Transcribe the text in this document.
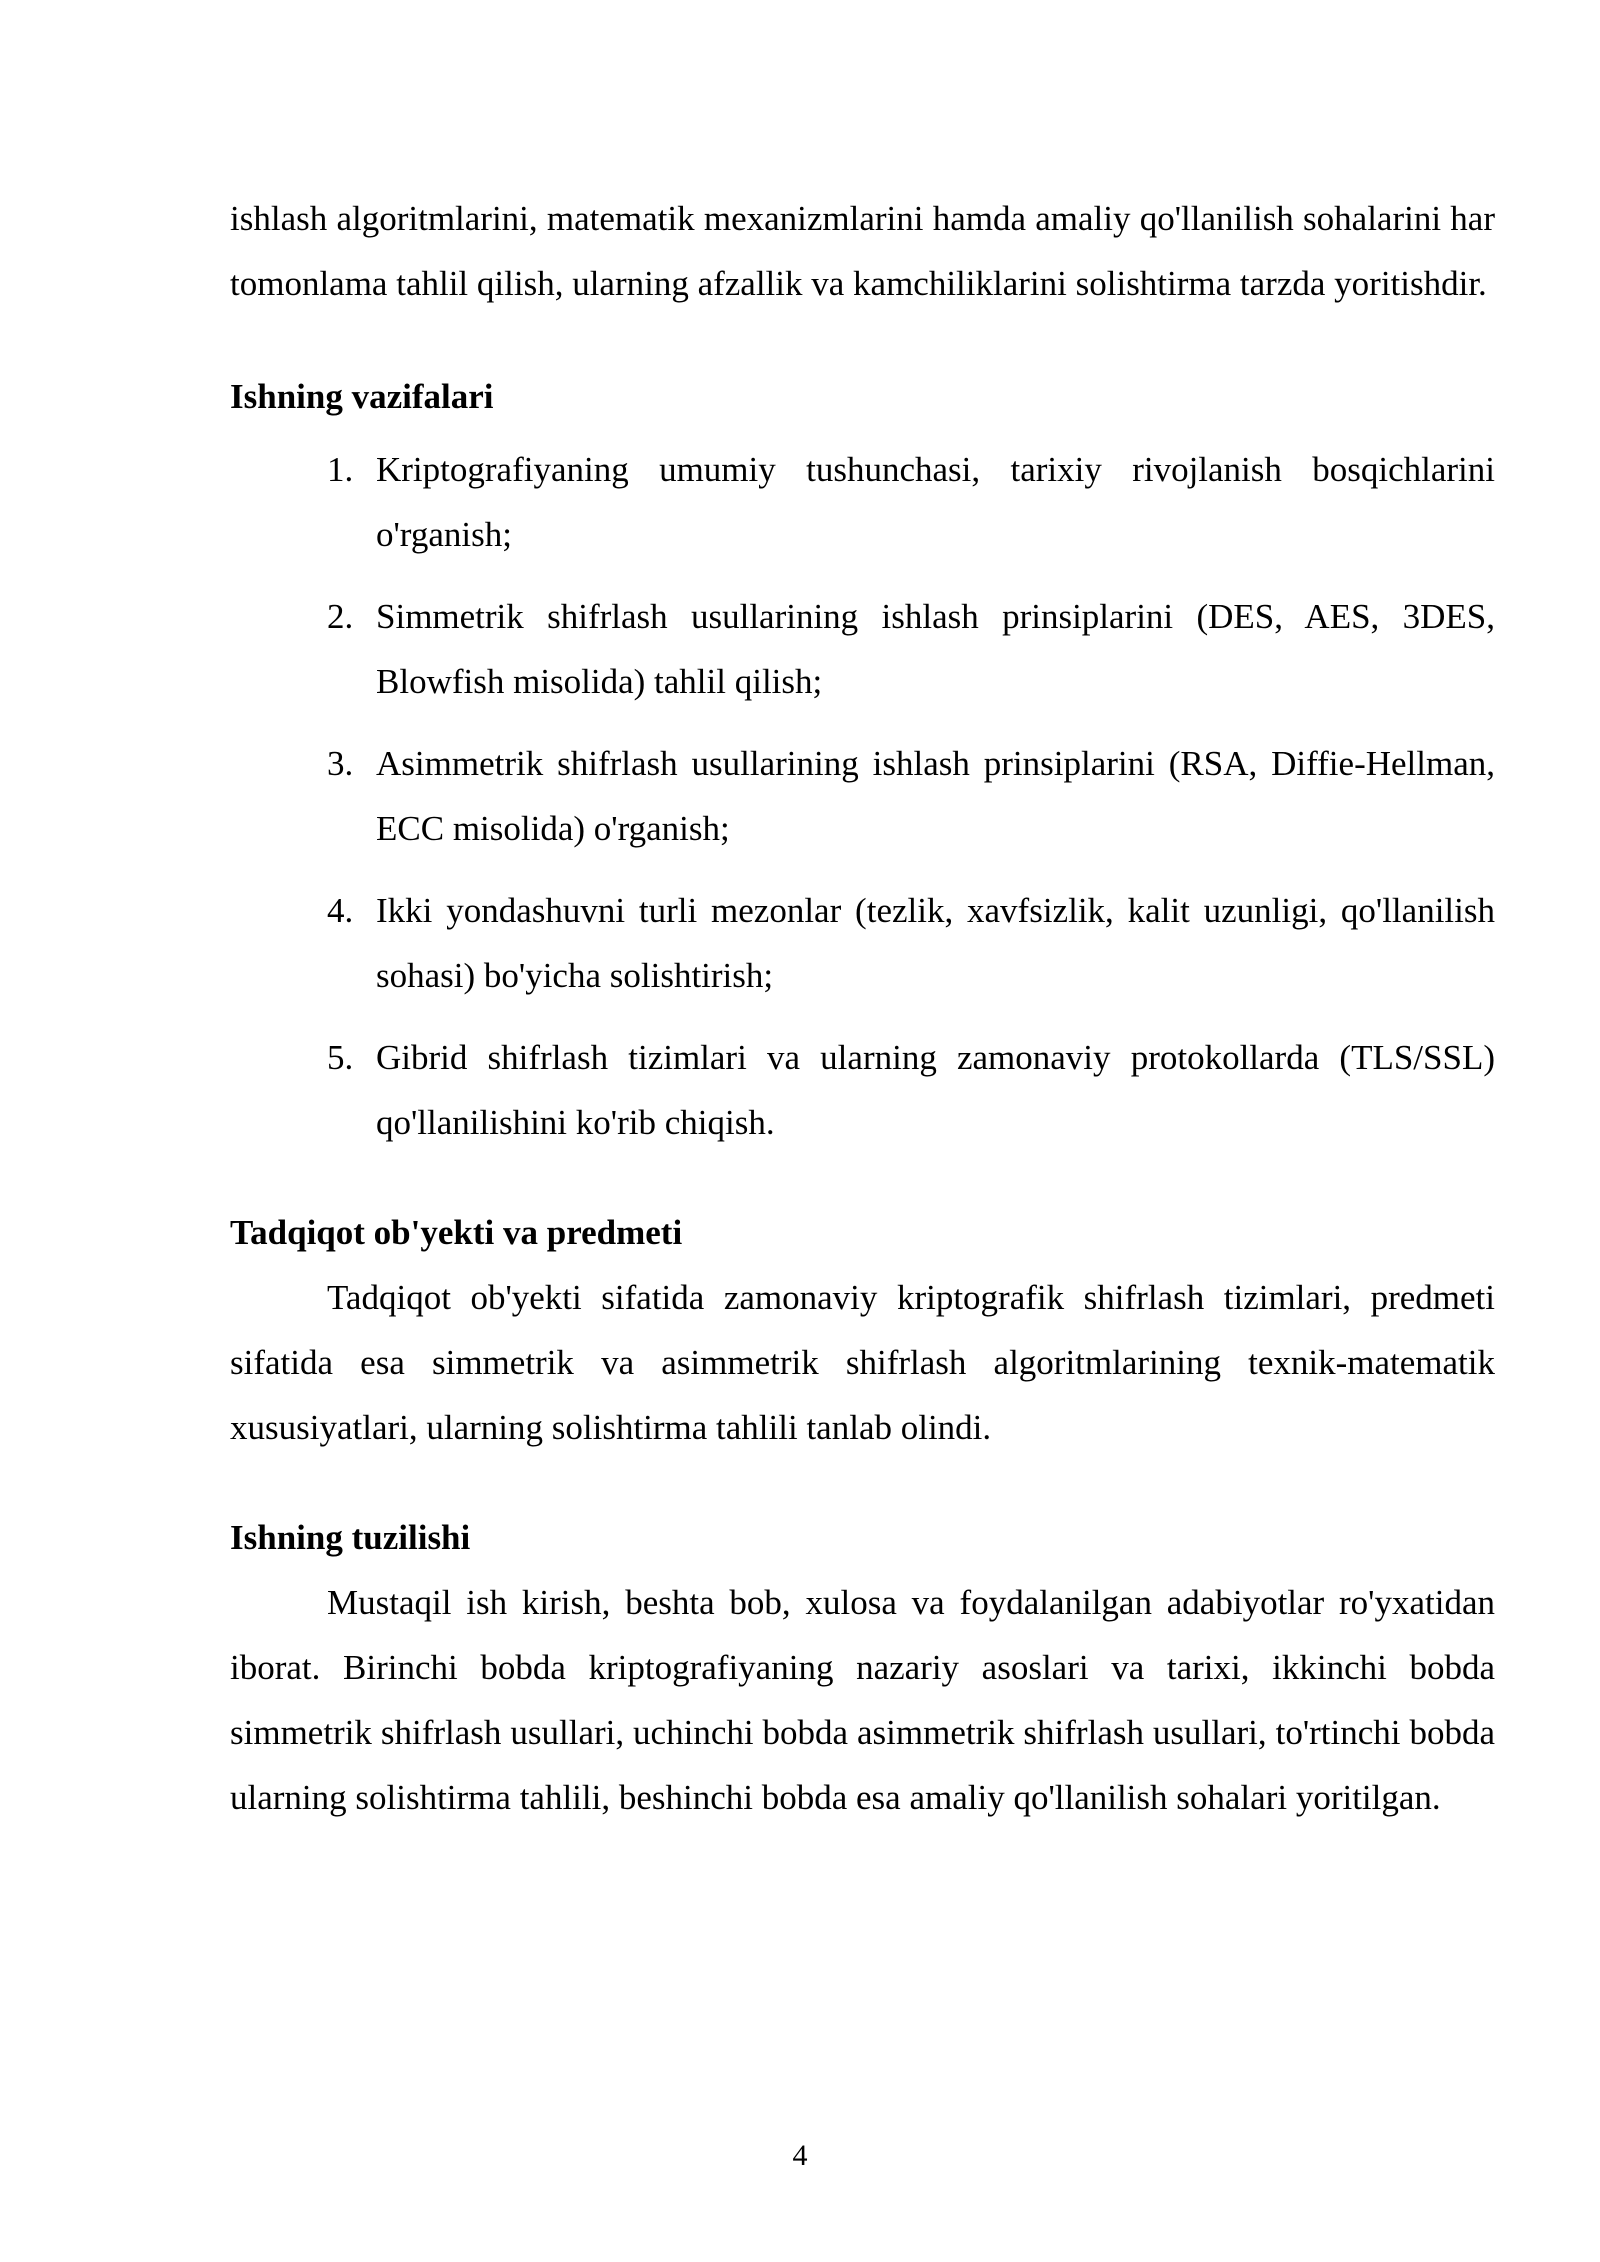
ishlash algoritmlarini, matematik mexanizmlarini hamda amaliy qo'llanilish sohalarini har tomonlama tahlil qilish, ularning afzallik va kamchiliklarini solishtirma tarzda yoritishdir.

Ishning vazifalari
1. Kriptografiyaning umumiy tushunchasi, tarixiy rivojlanish bosqichlarini o'rganish;
2. Simmetrik shifrlash usullarining ishlash prinsiplarini (DES, AES, 3DES, Blowfish misolida) tahlil qilish;
3. Asimmetrik shifrlash usullarining ishlash prinsiplarini (RSA, Diffie-Hellman, ECC misolida) o'rganish;
4. Ikki yondashuvni turli mezonlar (tezlik, xavfsizlik, kalit uzunligi, qo'llanilish sohasi) bo'yicha solishtirish;
5. Gibrid shifrlash tizimlari va ularning zamonaviy protokollarda (TLS/SSL) qo'llanilishini ko'rib chiqish.
Tadqiqot ob'yekti va predmeti

Tadqiqot ob'yekti sifatida zamonaviy kriptografik shifrlash tizimlari, predmeti sifatida esa simmetrik va asimmetrik shifrlash algoritmlarining texnik-matematik xususiyatlari, ularning solishtirma tahlili tanlab olindi.

Ishning tuzilishi

Mustaqil ish kirish, beshta bob, xulosa va foydalanilgan adabiyotlar ro'yxatidan iborat. Birinchi bobda kriptografiyaning nazariy asoslari va tarixi, ikkinchi bobda simmetrik shifrlash usullari, uchinchi bobda asimmetrik shifrlash usullari, to'rtinchi bobda ularning solishtirma tahlili, beshinchi bobda esa amaliy qo'llanilish sohalari yoritilgan.

4
